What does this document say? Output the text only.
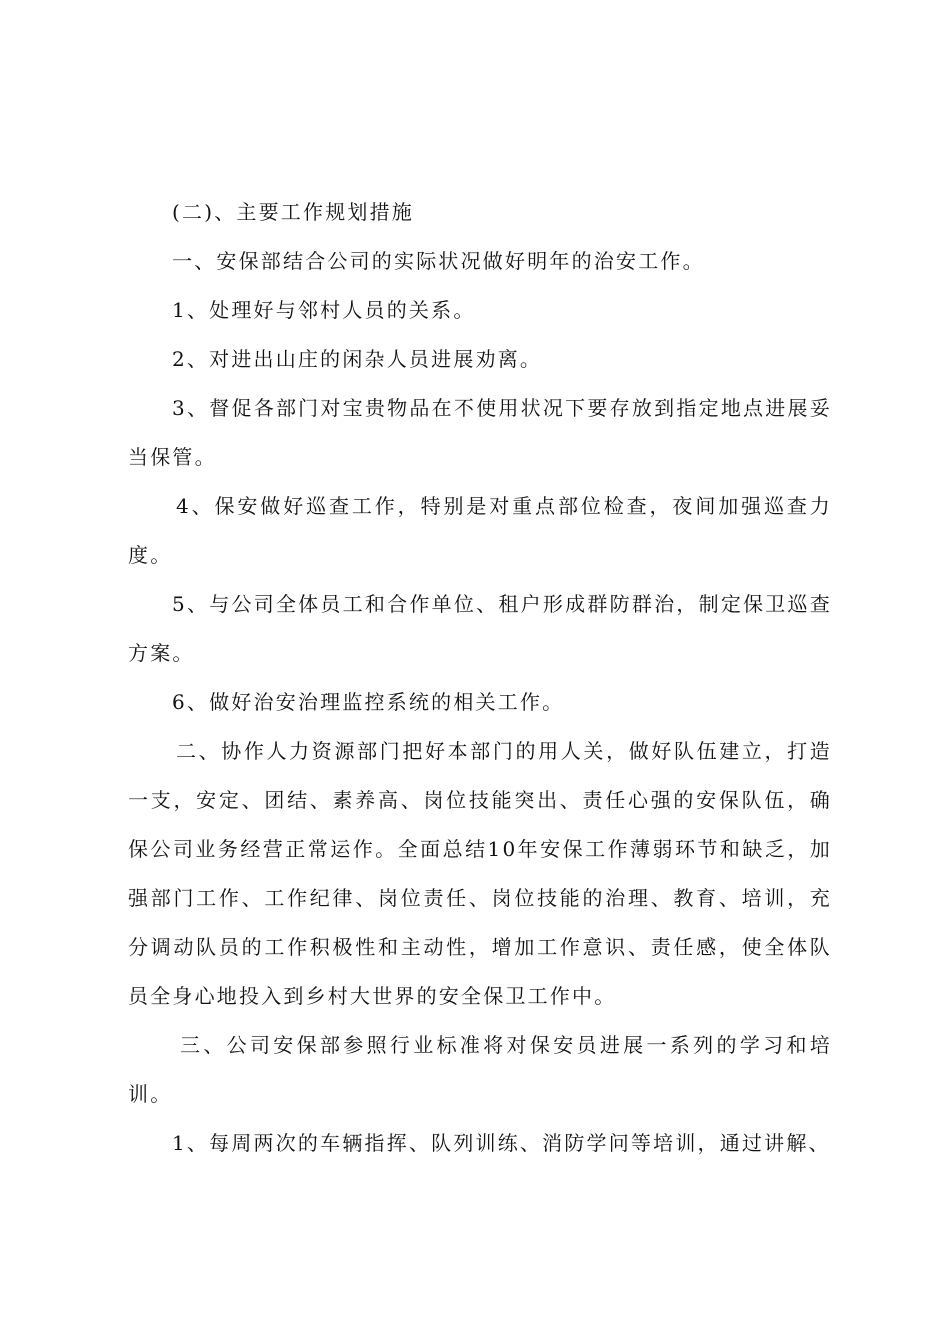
(二)、主要工作规划措施

一、安保部结合公司的实际状况做好明年的治安工作。

1、处理好与邻村人员的关系。

2、对进出山庄的闲杂人员进展劝离。

3、督促各部门对宝贵物品在不使用状况下要存放到指定地点进展妥当保管。

4、保安做好巡查工作，特别是对重点部位检查，夜间加强巡查力度。

5、与公司全体员工和合作单位、租户形成群防群治，制定保卫巡查方案。

6、做好治安治理监控系统的相关工作。

二、协作人力资源部门把好本部门的用人关，做好队伍建立，打造一支，安定、团结、素养高、岗位技能突出、责任心强的安保队伍，确保公司业务经营正常运作。全面总结10年安保工作薄弱环节和缺乏，加强部门工作、工作纪律、岗位责任、岗位技能的治理、教育、培训，充分调动队员的工作积极性和主动性，增加工作意识、责任感，使全体队员全身心地投入到乡村大世界的安全保卫工作中。

三、公司安保部参照行业标准将对保安员进展一系列的学习和培训。

1、每周两次的车辆指挥、队列训练、消防学问等培训，通过讲解、
